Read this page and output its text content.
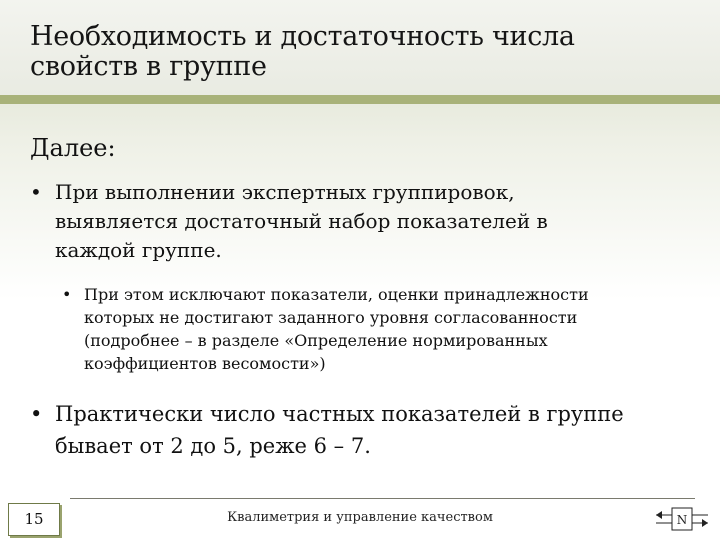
Необходимость и достаточность числа
свойств в группе
Далее:
• При выполнении экспертных группировок,
выявляется достаточный набор показателей в
каждой группе.
• При этом исключают показатели, оценки принадлежности
которых не достигают заданного уровня согласованности
(подробнее – в разделе «Определение нормированных
коэффициентов весомости»)
• Практически число частных показателей в группе
бывает от 2 до 5, реже 6 – 7.
15	Квалиметрия и управление качеством	N
